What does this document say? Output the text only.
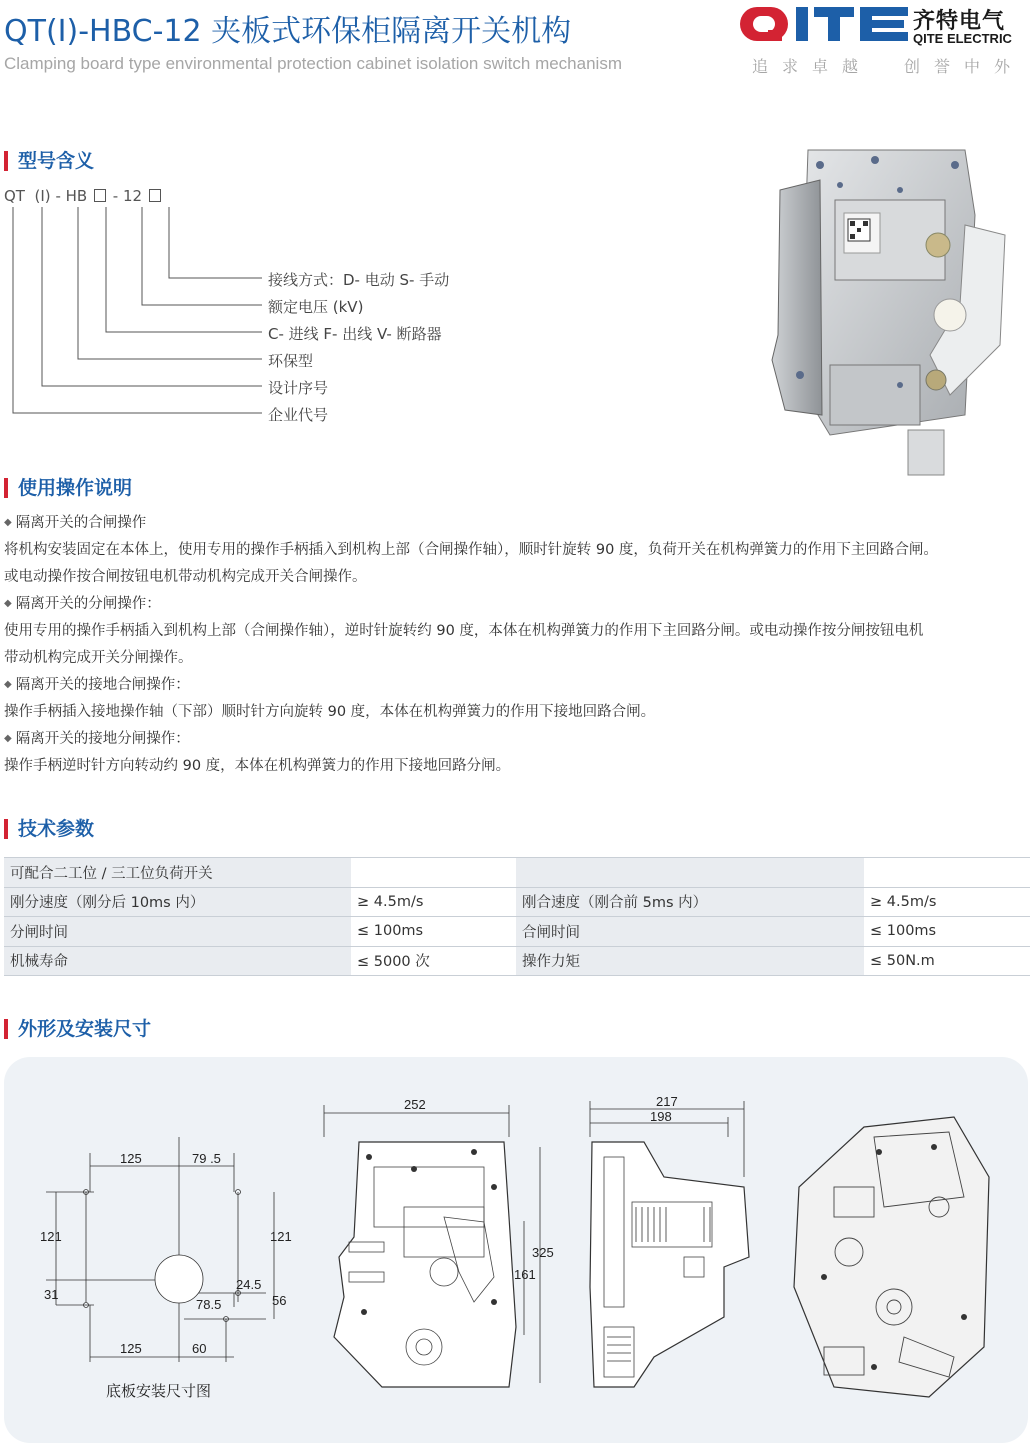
QT(I)-HBC-12 夹板式环保柜隔离开关机构
Clamping board type environmental protection cabinet isolation switch mechanism
齐特电气
QITE ELECTRIC
追求卓越 创誉中外
型号含义
QT (I) - HB - 12
接线方式：D- 电动 S- 手动
额定电压 (kV)
C- 进线 F- 出线 V- 断路器
环保型
设计序号
企业代号
使用操作说明
◆ 隔离开关的合闸操作
将机构安装固定在本体上，使用专用的操作手柄插入到机构上部（合闸操作轴），顺时针旋转 90 度，负荷开关在机构弹簧力的作用下主回路合闸。
或电动操作按合闸按钮电机带动机构完成开关合闸操作。
◆ 隔离开关的分闸操作：
使用专用的操作手柄插入到机构上部（合闸操作轴），逆时针旋转约 90 度，本体在机构弹簧力的作用下主回路分闸。或电动操作按分闸按钮电机
带动机构完成开关分闸操作。
◆ 隔离开关的接地合闸操作：
操作手柄插入接地操作轴（下部）顺时针方向旋转 90 度，本体在机构弹簧力的作用下接地回路合闸。
◆ 隔离开关的接地分闸操作：
操作手柄逆时针方向转动约 90 度，本体在机构弹簧力的作用下接地回路分闸。
技术参数
可配合二工位 / 三工位负荷开关			
刚分速度（刚分后 10ms 内）	≥ 4.5m/s	刚合速度（刚合前 5ms 内）	≥ 4.5m/s
分闸时间	≤ 100ms	合闸时间	≤ 100ms
机械寿命	≤ 5000 次	操作力矩	≤ 50N.m
外形及安装尺寸
125	79 .5
121	121
31
24.5
78.5	56
125	60
252
325
161
217
198
底板安装尺寸图
